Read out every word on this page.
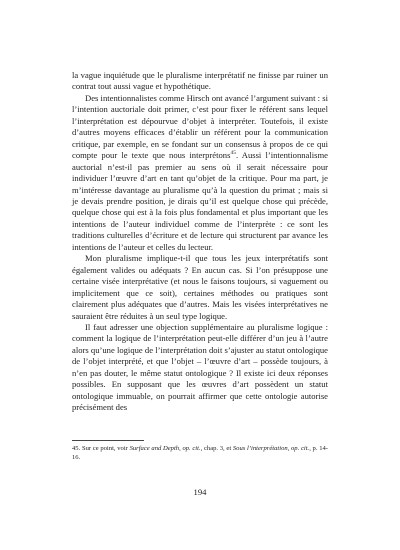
la vague inquiétude que le pluralisme interprétatif ne finisse par ruiner un contrat tout aussi vague et hypothétique.

Des intentionnalistes comme Hirsch ont avancé l’argument suivant : si l’intention auctoriale doit primer, c’est pour fixer le référent sans lequel l’interprétation est dépourvue d’objet à interpréter. Toutefois, il existe d’autres moyens efficaces d’établir un référent pour la communication critique, par exemple, en se fondant sur un consensus à propos de ce qui compte pour le texte que nous interprétons$^{45}$. Aussi l’intentionnalisme auctorial n’est-il pas premier au sens où il serait nécessaire pour individuer l’œuvre d’art en tant qu’objet de la critique. Pour ma part, je m’intéresse davantage au pluralisme qu’à la question du primat ; mais si je devais prendre position, je dirais qu’il est quelque chose qui précède, quelque chose qui est à la fois plus fondamental et plus important que les intentions de l’auteur individuel comme de l’interprète : ce sont les traditions culturelles d’écriture et de lecture qui structurent par avance les intentions de l’auteur et celles du lecteur.

Mon pluralisme implique-t-il que tous les jeux interprétatifs sont également valides ou adéquats ? En aucun cas. Si l’on présuppose une certaine visée interprétative (et nous le faisons toujours, si vaguement ou implicitement que ce soit), certaines méthodes ou pratiques sont clairement plus adéquates que d’autres. Mais les visées interprétatives ne sauraient être réduites à un seul type logique.

Il faut adresser une objection supplémentaire au pluralisme logique : comment la logique de l’interprétation peut-elle différer d’un jeu à l’autre alors qu’une logique de l’interprétation doit s’ajuster au statut ontologique de l’objet interprété, et que l’objet – l’œuvre d’art – possède toujours, à n’en pas douter, le même statut ontologique ? Il existe ici deux réponses possibles. En supposant que les œuvres d’art possèdent un statut ontologique immuable, on pourrait affirmer que cette ontologie autorise précisément des

45. Sur ce point, voir Surface and Depth, op. cit., chap. 3, et Sous l’interprétation, op. cit., p. 14-16.
194
